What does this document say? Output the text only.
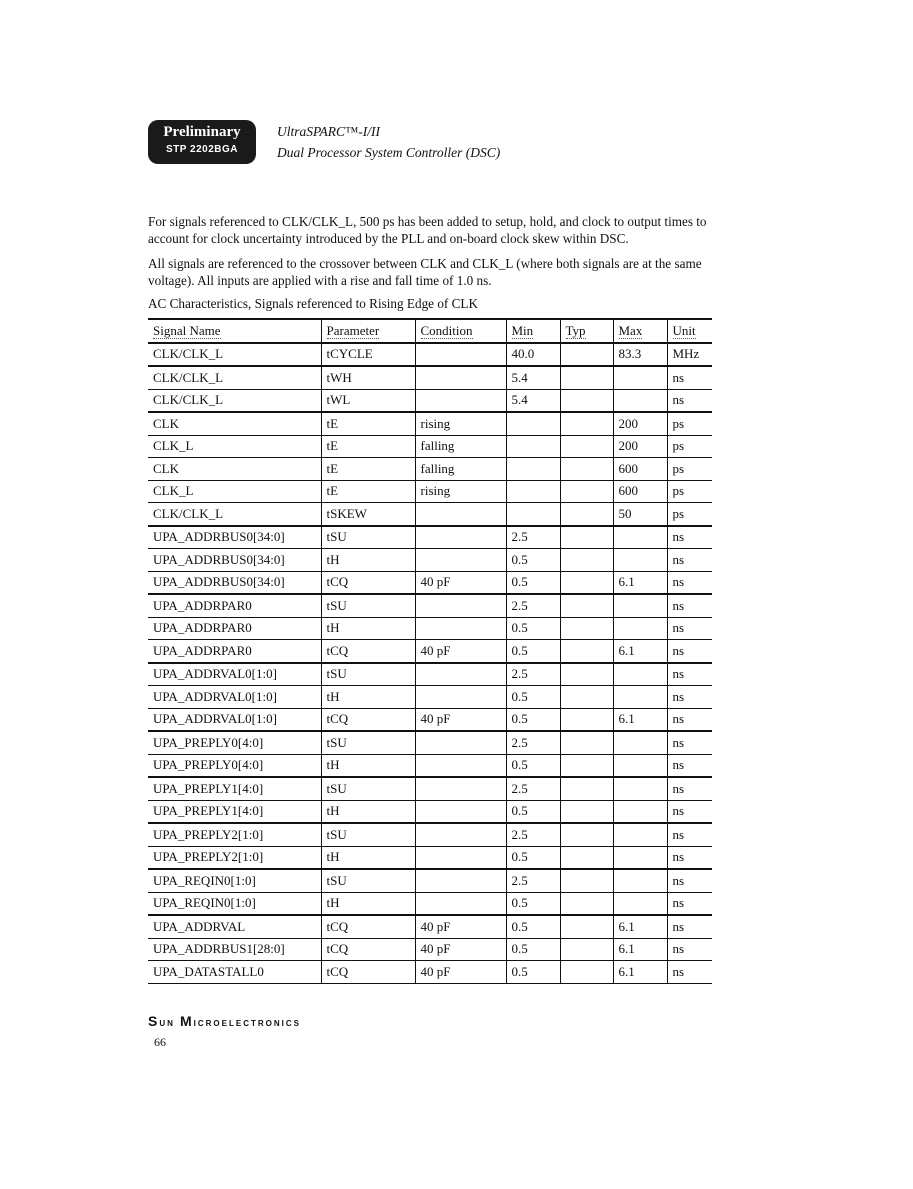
Preliminary
STP 2202BGA
UltraSPARC™-I/II
Dual Processor System Controller (DSC)
For signals referenced to CLK/CLK_L, 500 ps has been added to setup, hold, and clock to output times to account for clock uncertainty introduced by the PLL and on-board clock skew within DSC.
All signals are referenced to the crossover between CLK and CLK_L (where both signals are at the same voltage). All inputs are applied with a rise and fall time of 1.0 ns.
AC Characteristics, Signals referenced to Rising Edge of CLK
Signal Name	Parameter	Condition	Min	Typ	Max	Unit
CLK/CLK_L	tCYCLE		40.0		83.3	MHz
CLK/CLK_L	tWH		5.4			ns
CLK/CLK_L	tWL		5.4			ns
CLK	tE	rising			200	ps
CLK_L	tE	falling			200	ps
CLK	tE	falling			600	ps
CLK_L	tE	rising			600	ps
CLK/CLK_L	tSKEW				50	ps
UPA_ADDRBUS0[34:0]	tSU		2.5			ns
UPA_ADDRBUS0[34:0]	tH		0.5			ns
UPA_ADDRBUS0[34:0]	tCQ	40 pF	0.5		6.1	ns
UPA_ADDRPAR0	tSU		2.5			ns
UPA_ADDRPAR0	tH		0.5			ns
UPA_ADDRPAR0	tCQ	40 pF	0.5		6.1	ns
UPA_ADDRVAL0[1:0]	tSU		2.5			ns
UPA_ADDRVAL0[1:0]	tH		0.5			ns
UPA_ADDRVAL0[1:0]	tCQ	40 pF	0.5		6.1	ns
UPA_PREPLY0[4:0]	tSU		2.5			ns
UPA_PREPLY0[4:0]	tH		0.5			ns
UPA_PREPLY1[4:0]	tSU		2.5			ns
UPA_PREPLY1[4:0]	tH		0.5			ns
UPA_PREPLY2[1:0]	tSU		2.5			ns
UPA_PREPLY2[1:0]	tH		0.5			ns
UPA_REQIN0[1:0]	tSU		2.5			ns
UPA_REQIN0[1:0]	tH		0.5			ns
UPA_ADDRVAL	tCQ	40 pF	0.5		6.1	ns
UPA_ADDRBUS1[28:0]	tCQ	40 pF	0.5		6.1	ns
UPA_DATASTALL0	tCQ	40 pF	0.5		6.1	ns
Sun Microelectronics
66
